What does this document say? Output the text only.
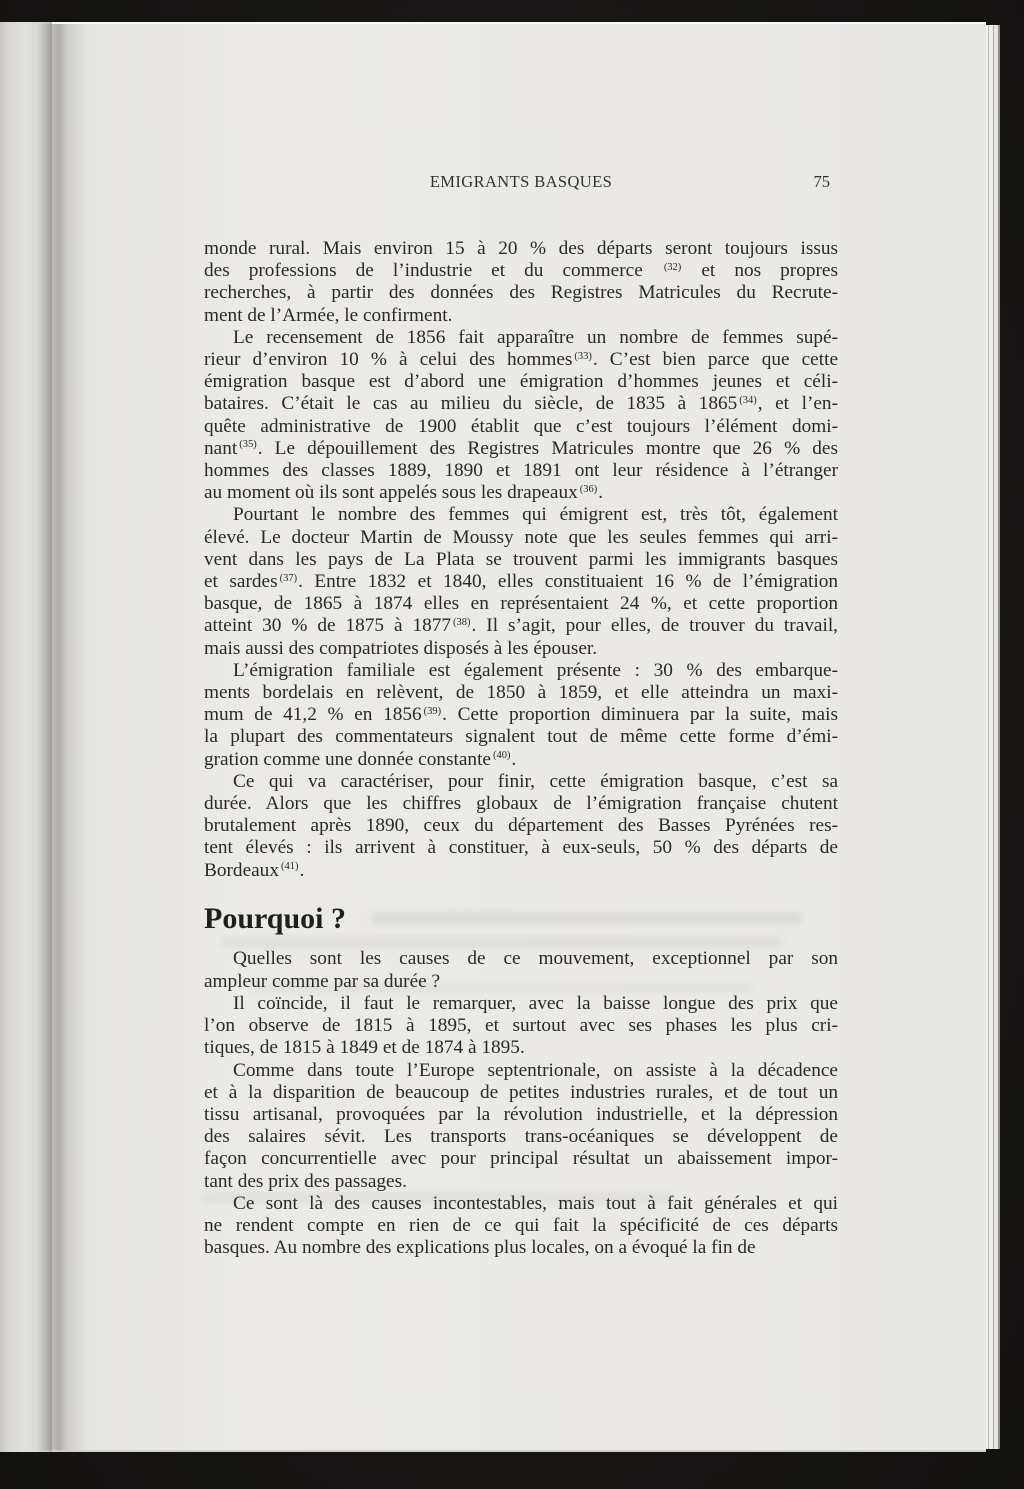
EMIGRANTS BASQUES	75
monde rural. Mais environ 15 à 20 % des départs seront toujours issus
des professions de l’industrie et du commerce $^{(32)}$ et nos propres
recherches, à partir des données des Registres Matricules du Recrute-
ment de l’Armée, le confirment.
Le recensement de 1856 fait apparaître un nombre de femmes supé-
rieur d’environ 10 % à celui des hommes $^{(33)}$. C’est bien parce que cette
émigration basque est d’abord une émigration d’hommes jeunes et céli-
bataires. C’était le cas au milieu du siècle, de 1835 à 1865 $^{(34)}$, et l’en-
quête administrative de 1900 établit que c’est toujours l’élément domi-
nant $^{(35)}$. Le dépouillement des Registres Matricules montre que 26 % des
hommes des classes 1889, 1890 et 1891 ont leur résidence à l’étranger
au moment où ils sont appelés sous les drapeaux $^{(36)}$.
Pourtant le nombre des femmes qui émigrent est, très tôt, également
élevé. Le docteur Martin de Moussy note que les seules femmes qui arri-
vent dans les pays de La Plata se trouvent parmi les immigrants basques
et sardes $^{(37)}$. Entre 1832 et 1840, elles constituaient 16 % de l’émigration
basque, de 1865 à 1874 elles en représentaient 24 %, et cette proportion
atteint 30 % de 1875 à 1877 $^{(38)}$. Il s’agit, pour elles, de trouver du travail,
mais aussi des compatriotes disposés à les épouser.
L’émigration familiale est également présente : 30 % des embarque-
ments bordelais en relèvent, de 1850 à 1859, et elle atteindra un maxi-
mum de 41,2 % en 1856 $^{(39)}$. Cette proportion diminuera par la suite, mais
la plupart des commentateurs signalent tout de même cette forme d’émi-
gration comme une donnée constante $^{(40)}$.
Ce qui va caractériser, pour finir, cette émigration basque, c’est sa
durée. Alors que les chiffres globaux de l’émigration française chutent
brutalement après 1890, ceux du département des Basses Pyrénées res-
tent élevés : ils arrivent à constituer, à eux-seuls, 50 % des départs de
Bordeaux $^{(41)}$.
Pourquoi ?
Quelles sont les causes de ce mouvement, exceptionnel par son
ampleur comme par sa durée ?
Il coïncide, il faut le remarquer, avec la baisse longue des prix que
l’on observe de 1815 à 1895, et surtout avec ses phases les plus cri-
tiques, de 1815 à 1849 et de 1874 à 1895.
Comme dans toute l’Europe septentrionale, on assiste à la décadence
et à la disparition de beaucoup de petites industries rurales, et de tout un
tissu artisanal, provoquées par la révolution industrielle, et la dépression
des salaires sévit. Les transports trans-océaniques se développent de
façon concurrentielle avec pour principal résultat un abaissement impor-
tant des prix des passages.
Ce sont là des causes incontestables, mais tout à fait générales et qui
ne rendent compte en rien de ce qui fait la spécificité de ces départs
basques. Au nombre des explications plus locales, on a évoqué la fin de
